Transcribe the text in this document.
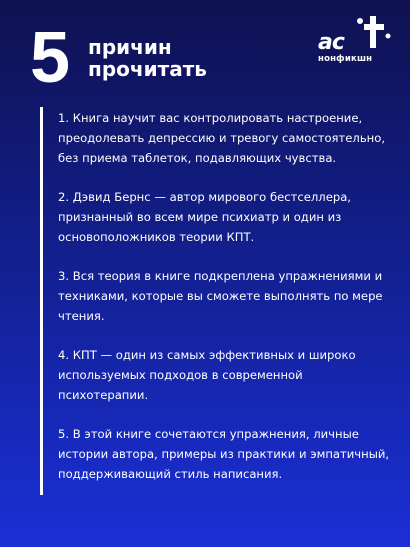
5 причин
прочитать
ас
нонфикшн
1. Книга научит вас контролировать настроение, преодолевать депрессию и тревогу самостоятельно, без приема таблеток, подавляющих чувства.
2. Дэвид Бернс — автор мирового бестселлера, признанный во всем мире психиатр и один из основоположников теории КПТ.
3. Вся теория в книге подкреплена упражнениями и техниками, которые вы сможете выполнять по мере чтения.
4. КПТ — один из самых эффективных и широко используемых подходов в современной психотерапии.
5. В этой книге сочетаются упражнения, личные истории автора, примеры из практики и эмпатичный, поддерживающий стиль написания.
